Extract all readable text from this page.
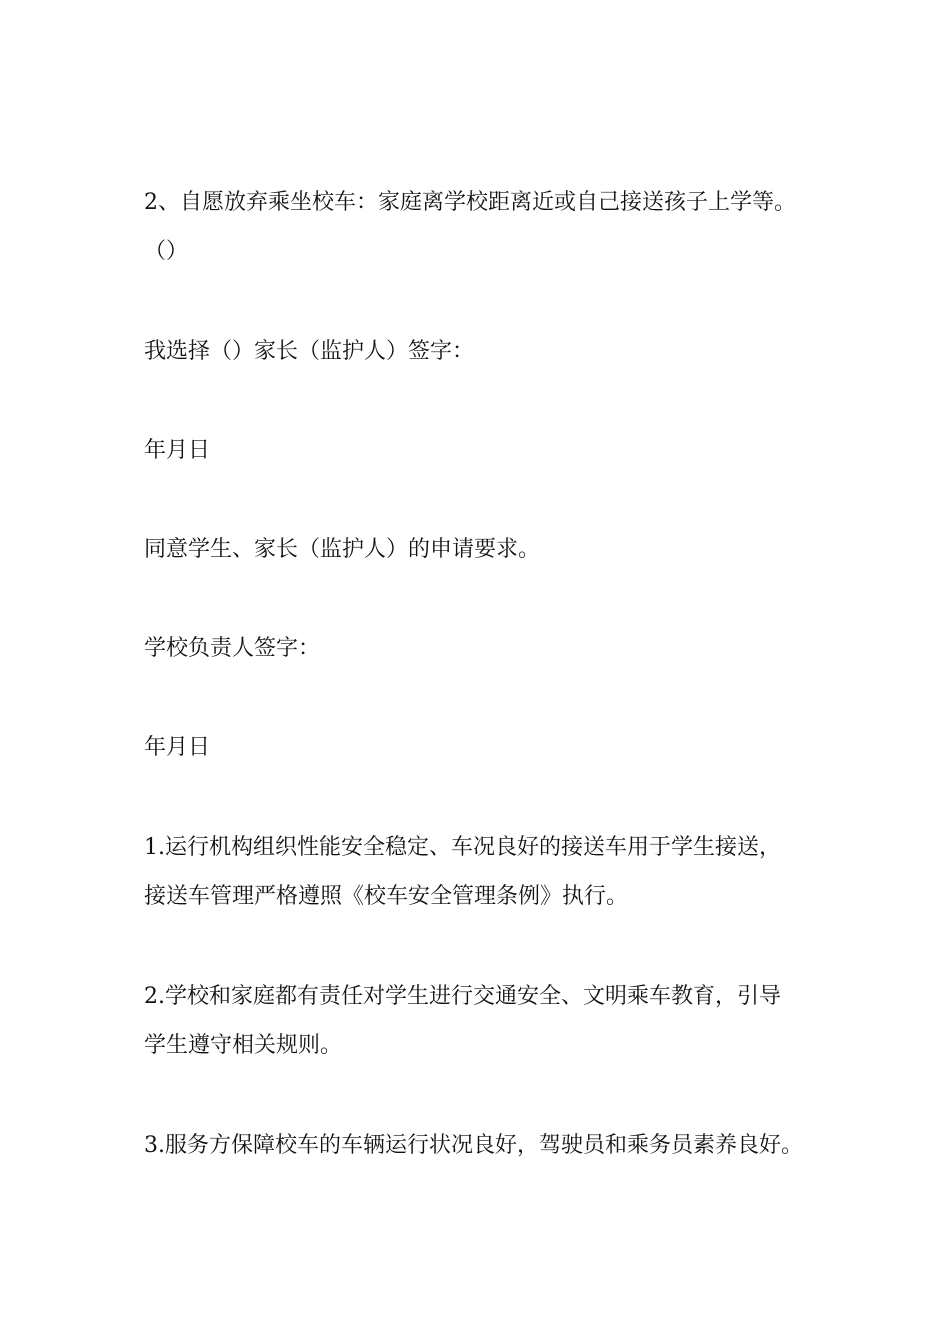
2、自愿放弃乘坐校车：家庭离学校距离近或自己接送孩子上学等。
（）
我选择（）家长（监护人）签字：
年月日
同意学生、家长（监护人）的申请要求。
学校负责人签字：
年月日
1.运行机构组织性能安全稳定、车况良好的接送车用于学生接送，
接送车管理严格遵照《校车安全管理条例》执行。
2.学校和家庭都有责任对学生进行交通安全、文明乘车教育，引导
学生遵守相关规则。
3.服务方保障校车的车辆运行状况良好，驾驶员和乘务员素养良好。
